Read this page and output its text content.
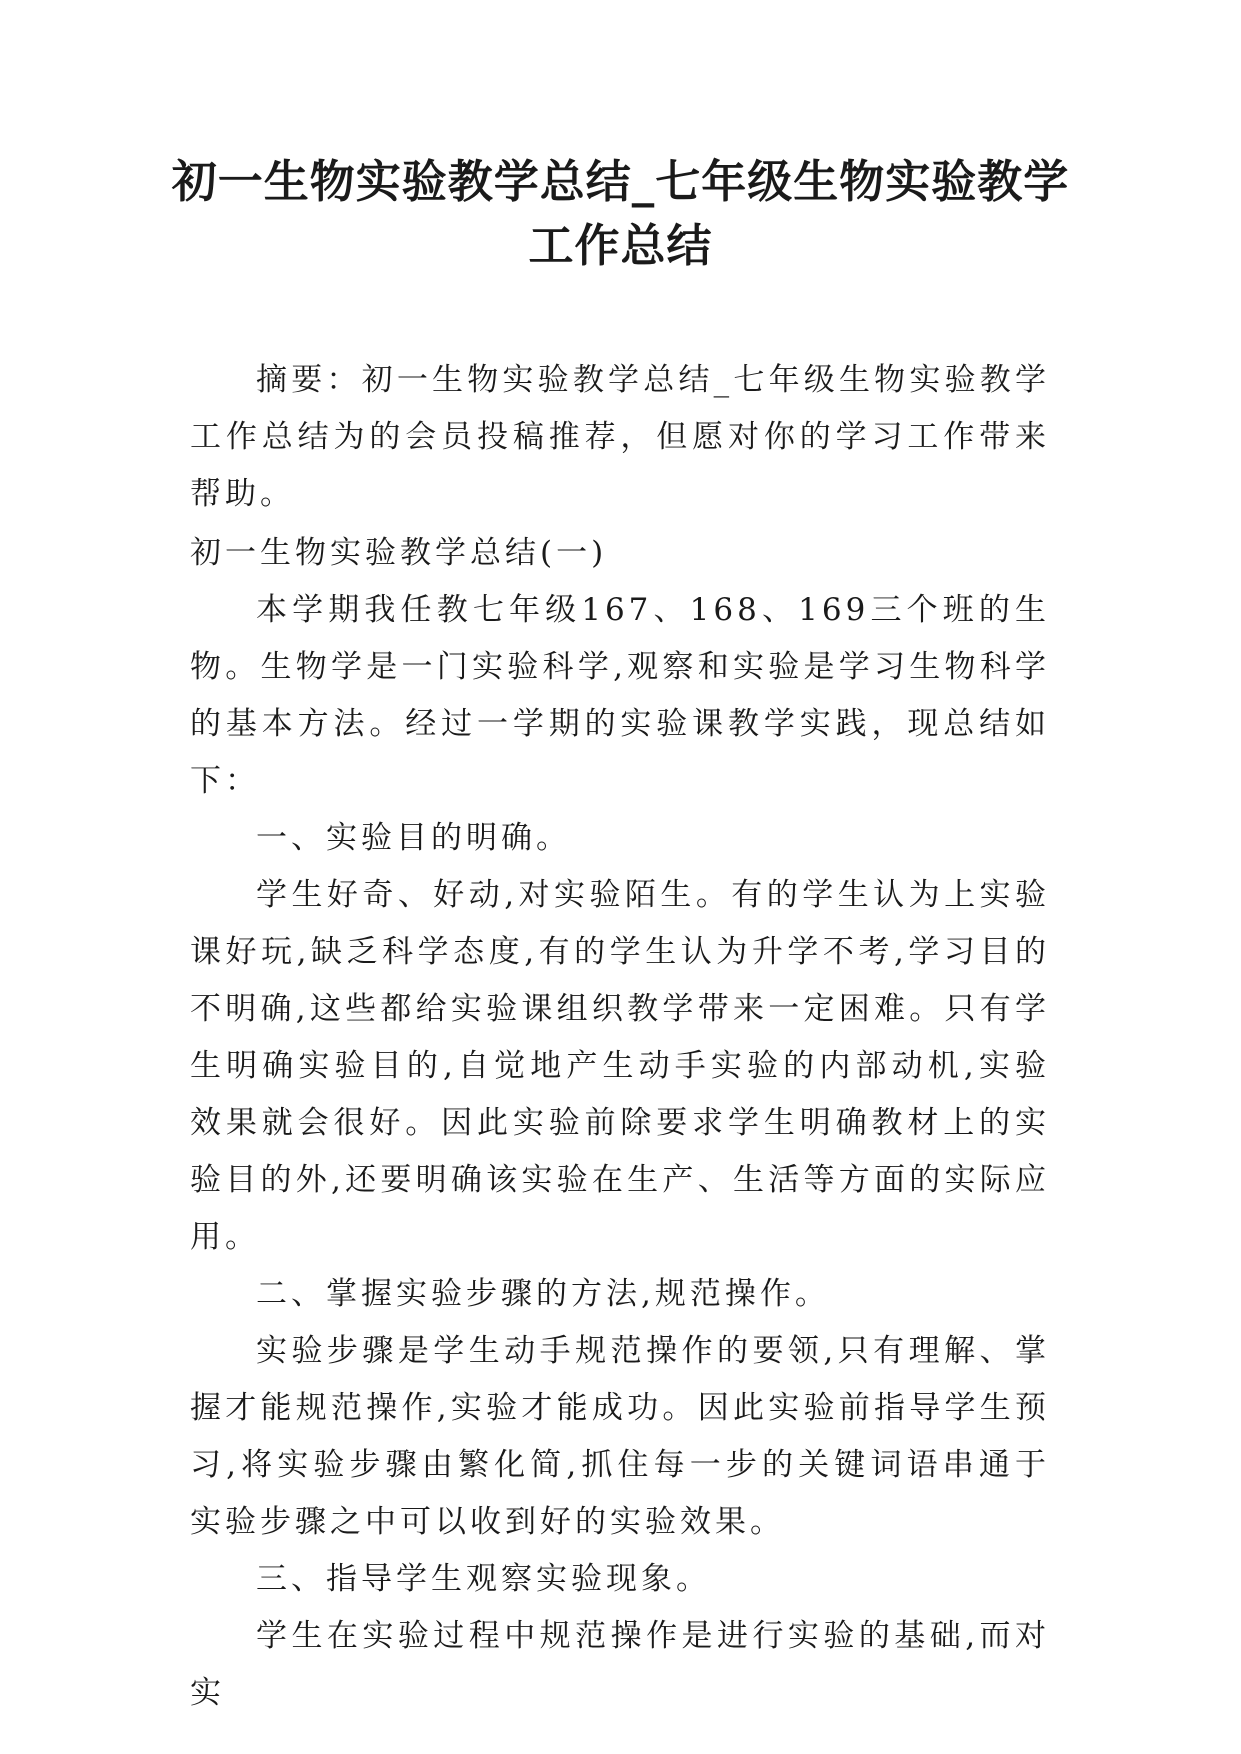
初一生物实验教学总结_七年级生物实验教学工作总结

摘要：初一生物实验教学总结_七年级生物实验教学工作总结为的会员投稿推荐，但愿对你的学习工作带来帮助。

初一生物实验教学总结(一)

本学期我任教七年级167、168、169三个班的生物。生物学是一门实验科学,观察和实验是学习生物科学的基本方法。经过一学期的实验课教学实践，现总结如下：

一、实验目的明确。

学生好奇、好动,对实验陌生。有的学生认为上实验课好玩,缺乏科学态度,有的学生认为升学不考,学习目的不明确,这些都给实验课组织教学带来一定困难。只有学生明确实验目的,自觉地产生动手实验的内部动机,实验效果就会很好。因此实验前除要求学生明确教材上的实验目的外,还要明确该实验在生产、生活等方面的实际应用。

二、掌握实验步骤的方法,规范操作。

实验步骤是学生动手规范操作的要领,只有理解、掌握才能规范操作,实验才能成功。因此实验前指导学生预习,将实验步骤由繁化简,抓住每一步的关键词语串通于实验步骤之中可以收到好的实验效果。

三、指导学生观察实验现象。

学生在实验过程中规范操作是进行实验的基础,而对实
